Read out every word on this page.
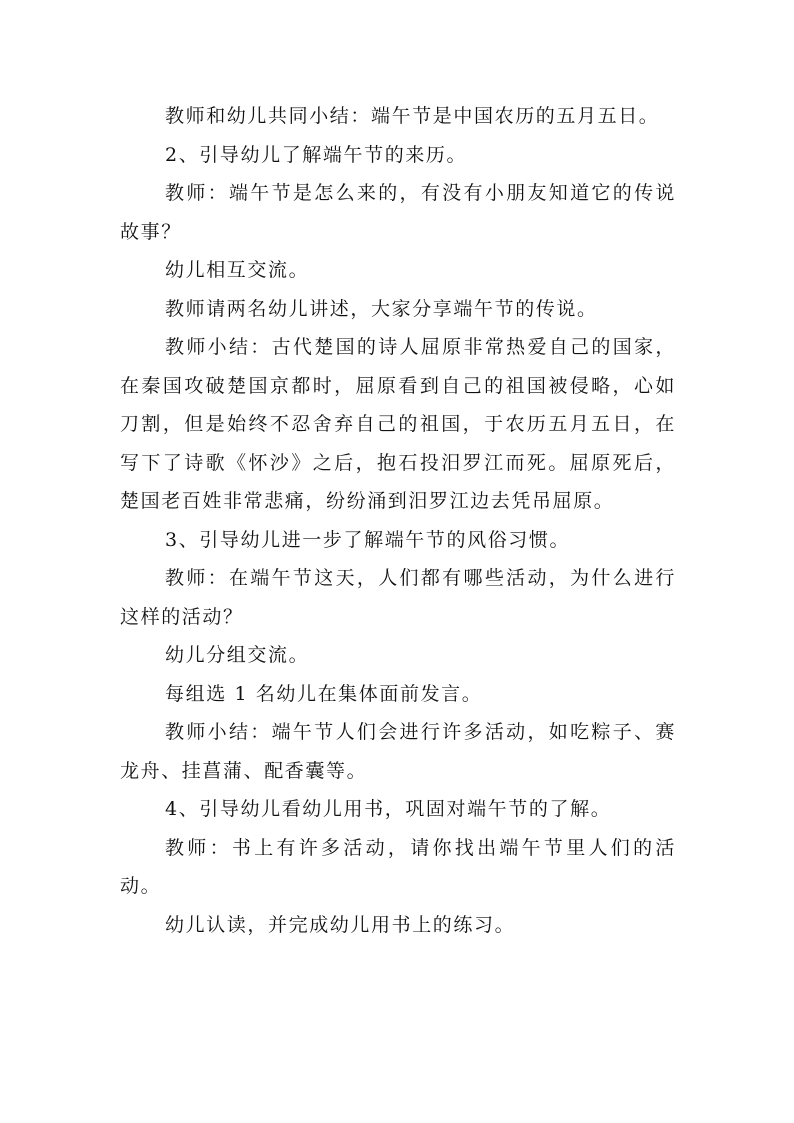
教师和幼儿共同小结：端午节是中国农历的五月五日。

2、引导幼儿了解端午节的来历。

教师：端午节是怎么来的，有没有小朋友知道它的传说故事？

幼儿相互交流。

教师请两名幼儿讲述，大家分享端午节的传说。

教师小结：古代楚国的诗人屈原非常热爱自己的国家，在秦国攻破楚国京都时，屈原看到自己的祖国被侵略，心如刀割，但是始终不忍舍弃自己的祖国，于农历五月五日，在写下了诗歌《怀沙》之后，抱石投汨罗江而死。屈原死后，楚国老百姓非常悲痛，纷纷涌到汨罗江边去凭吊屈原。

3、引导幼儿进一步了解端午节的风俗习惯。

教师：在端午节这天，人们都有哪些活动，为什么进行这样的活动？

幼儿分组交流。

每组选 1 名幼儿在集体面前发言。

教师小结：端午节人们会进行许多活动，如吃粽子、赛龙舟、挂菖蒲、配香囊等。

4、引导幼儿看幼儿用书，巩固对端午节的了解。

教师：书上有许多活动，请你找出端午节里人们的活动。

幼儿认读，并完成幼儿用书上的练习。
